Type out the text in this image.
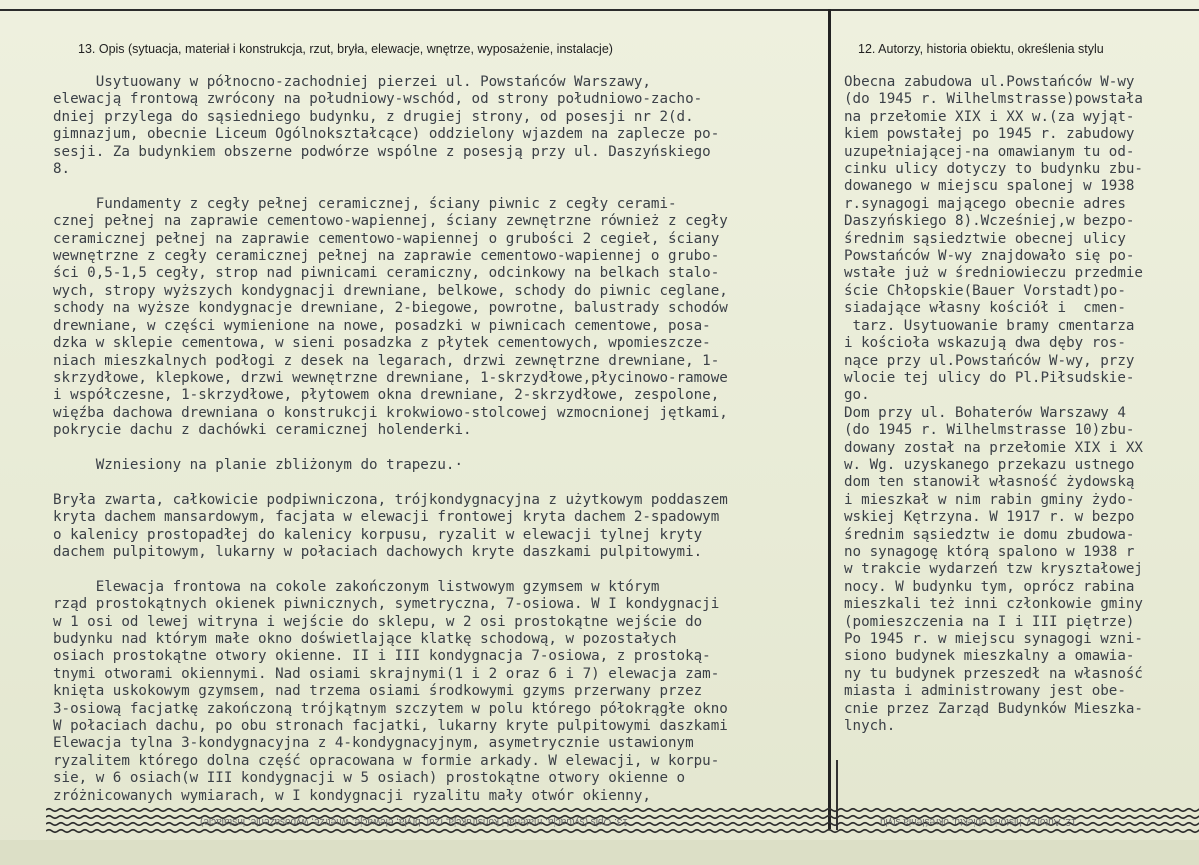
13. Opis (sytuacja, materiał i konstrukcja, rzut, bryła, elewacje, wnętrze, wyposażenie, instalacje)	12. Autorzy, historia obiektu, określenia stylu
Usytuowany w północno-zachodniej pierzei ul. Powstańców Warszawy,
elewacją frontową zwrócony na południowy-wschód, od strony południowo-zacho-
dniej przylega do sąsiedniego budynku, z drugiej strony, od posesji nr 2(d.
gimnazjum, obecnie Liceum Ogólnokształcące) oddzielony wjazdem na zaplecze po-
sesji. Za budynkiem obszerne podwórze wspólne z posesją przy ul. Daszyńskiego
8.

Fundamenty z cegły pełnej ceramicznej, ściany piwnic z cegły cerami-
cznej pełnej na zaprawie cementowo-wapiennej, ściany zewnętrzne również z cegły
ceramicznej pełnej na zaprawie cementowo-wapiennej o grubości 2 cegieł, ściany
wewnętrzne z cegły ceramicznej pełnej na zaprawie cementowo-wapiennej o grubo-
ści 0,5-1,5 cegły, strop nad piwnicami ceramiczny, odcinkowy na belkach stalo-
wych, stropy wyższych kondygnacji drewniane, belkowe, schody do piwnic ceglane,
schody na wyższe kondygnacje drewniane, 2-biegowe, powrotne, balustrady schodów
drewniane, w części wymienione na nowe, posadzki w piwnicach cementowe, posa-
dzka w sklepie cementowa, w sieni posadzka z płytek cementowych, wpomieszcze-
niach mieszkalnych podłogi z desek na legarach, drzwi zewnętrzne drewniane, 1-
skrzydłowe, klepkowe, drzwi wewnętrzne drewniane, 1-skrzydłowe,płycinowo-ramowe
i współczesne, 1-skrzydłowe, płytowem okna drewniane, 2-skrzydłowe, zespolone,
więźba dachowa drewniana o konstrukcji krokwiowo-stolcowej wzmocnionej jętkami,
pokrycie dachu z dachówki ceramicznej holenderki.

Wzniesiony na planie zbliżonym do trapezu.·

Bryła zwarta, całkowicie podpiwniczona, trójkondygnacyjna z użytkowym poddaszem
kryta dachem mansardowym, facjata w elewacji frontowej kryta dachem 2-spadowym
o kalenicy prostopadłej do kalenicy korpusu, ryzalit w elewacji tylnej kryty
dachem pulpitowym, lukarny w połaciach dachowych kryte daszkami pulpitowymi.

Elewacja frontowa na cokole zakończonym listwowym gzymsem w którym
rząd prostokątnych okienek piwnicznych, symetryczna, 7-osiowa. W I kondygnacji
w 1 osi od lewej witryna i wejście do sklepu, w 2 osi prostokątne wejście do
budynku nad którym małe okno doświetlające klatkę schodową, w pozostałych
osiach prostokątne otwory okienne. II i III kondygnacja 7-osiowa, z prostoką-
tnymi otworami okiennymi. Nad osiami skrajnymi(1 i 2 oraz 6 i 7) elewacja zam-
knięta uskokowym gzymsem, nad trzema osiami środkowymi gzyms przerwany przez
3-osiową facjatkę zakończoną trójkątnym szczytem w polu którego półokrągłe okno
W połaciach dachu, po obu stronach facjatki, lukarny kryte pulpitowymi daszkami
Elewacja tylna 3-kondygnacyjna z 4-kondygnacyjnym, asymetrycznie ustawionym
ryzalitem którego dolna część opracowana w formie arkady. W elewacji, w korpu-
sie, w 6 osiach(w III kondygnacji w 5 osiach) prostokątne otwory okienne o
zróżnicowanych wymiarach, w I kondygnacji ryzalitu mały otwór okienny,
Obecna zabudowa ul.Powstańców W-wy
(do 1945 r. Wilhelmstrasse)powstała
na przełomie XIX i XX w.(za wyjąt-
kiem powstałej po 1945 r. zabudowy
uzupełniającej-na omawianym tu od-
cinku ulicy dotyczy to budynku zbu-
dowanego w miejscu spalonej w 1938
r.synagogi mającego obecnie adres
Daszyńskiego 8).Wcześniej,w bezpo-
średnim sąsiedztwie obecnej ulicy
Powstańców W-wy znajdowało się po-
wstałe już w średniowieczu przedmie
ście Chłopskie(Bauer Vorstadt)po-
siadające własny kościół i  cmen-
tarz. Usytuowanie bramy cmentarza
i kościoła wskazują dwa dęby ros-
nące przy ul.Powstańców W-wy, przy
wlocie tej ulicy do Pl.Piłsudskie-
go.
Dom przy ul. Bohaterów Warszawy 4
(do 1945 r. Wilhelmstrasse 10)zbu-
dowany został na przełomie XIX i XX
w. Wg. uzyskanego przekazu ustnego
dom ten stanowił własność żydowską
i mieszkał w nim rabin gminy żydo-
wskiej Kętrzyna. W 1917 r. w bezpo
średnim sąsiedztw ie domu zbudowa-
no synagogę którą spalono w 1938 r
w trakcie wydarzeń tzw kryształowej
nocy. W budynku tym, oprócz rabina
mieszkali też inni członkowie gminy
(pomieszczenia na I i III piętrze)
Po 1945 r. w miejscu synagogi wzni-
siono budynek mieszkalny a omawia-
ny tu budynek przeszedł na własność
miasta i administrowany jest obe-
cnie przez Zarząd Budynków Mieszka-
lnych.
13. Opis (sytuacja, materiał i konstrukcja, rzut, bryła, elewacje, wnętrze, wyposażenie, instalacje)	12. Autorzy, historia obiektu, określenia stylu
